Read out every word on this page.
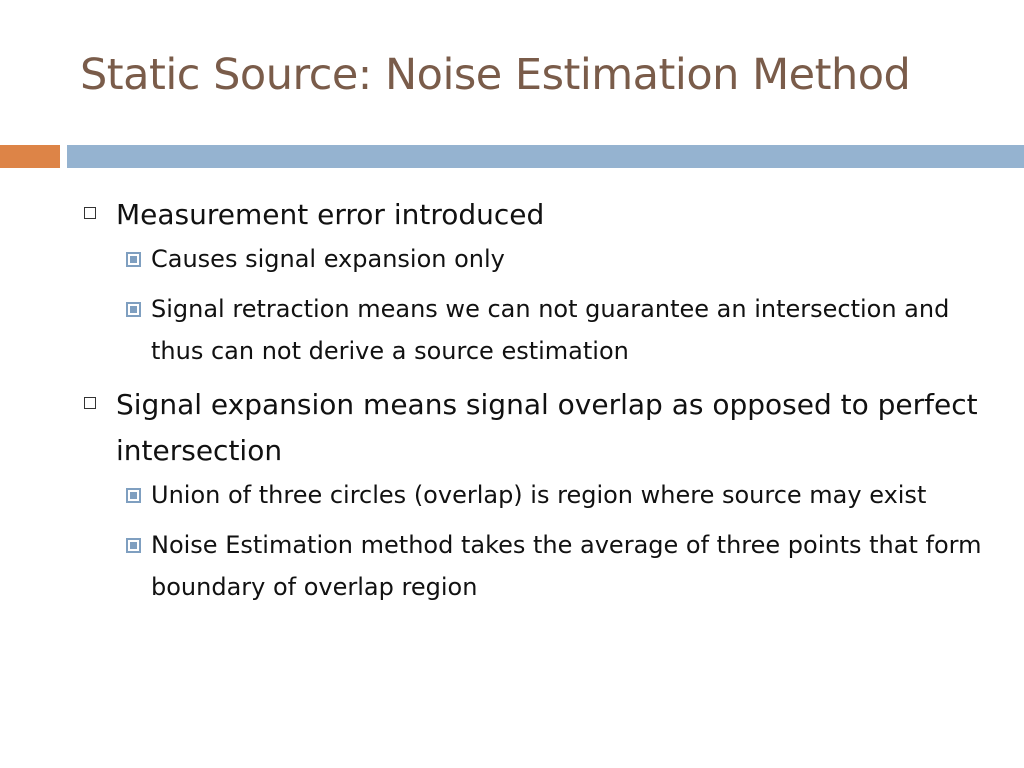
Static Source: Noise Estimation Method
Measurement error introduced
Causes signal expansion only
Signal retraction means we can not guarantee an intersection and thus can not derive a source estimation
Signal expansion means signal overlap as opposed to perfect intersection
Union of three circles (overlap) is region where source may exist
Noise Estimation method takes the average of three points that form boundary of overlap region
